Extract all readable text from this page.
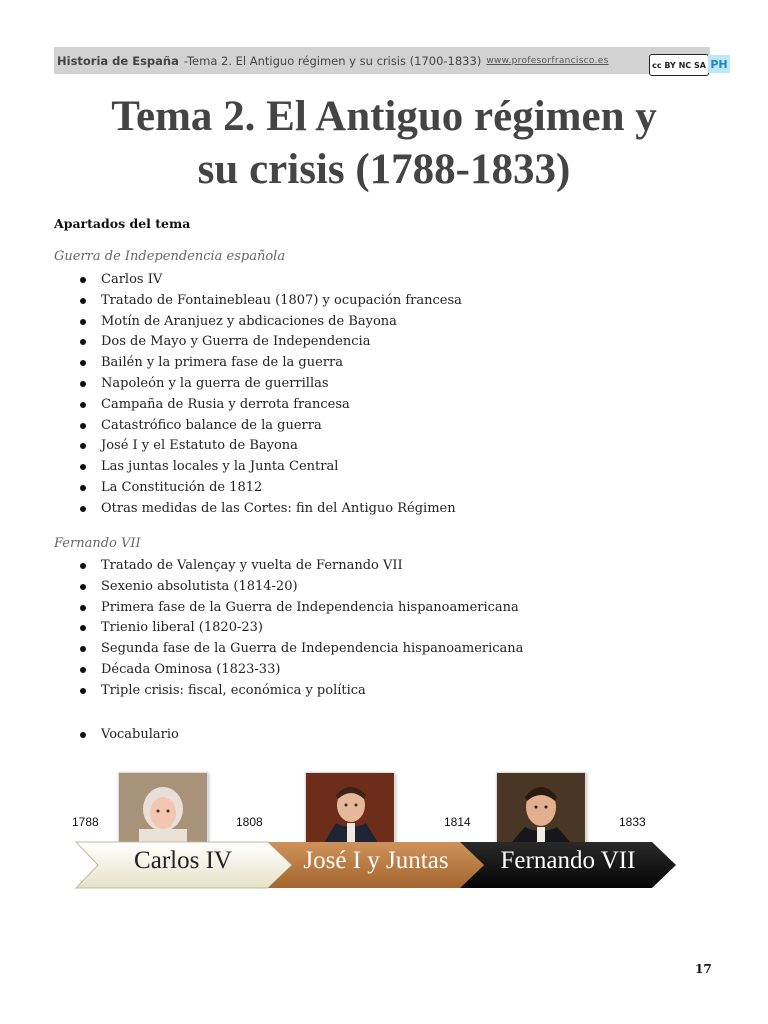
Historia de España -Tema 2. El Antiguo régimen y su crisis (1700-1833) www.profesorfrancisco.es	cc BY NC SA PH
Tema 2. El Antiguo régimen y
su crisis (1788-1833)
Apartados del tema
Guerra de Independencia española
Carlos IV
Tratado de Fontainebleau (1807) y ocupación francesa
Motín de Aranjuez y abdicaciones de Bayona
Dos de Mayo y Guerra de Independencia
Bailén y la primera fase de la guerra
Napoleón y la guerra de guerrillas
Campaña de Rusia y derrota francesa
Catastrófico balance de la guerra
José I y el Estatuto de Bayona
Las juntas locales y la Junta Central
La Constitución de 1812
Otras medidas de las Cortes: fin del Antiguo Régimen
Fernando VII
Tratado de Valençay y vuelta de Fernando VII
Sexenio absolutista (1814-20)
Primera fase de la Guerra de Independencia hispanoamericana
Trienio liberal (1820-23)
Segunda fase de la Guerra de Independencia hispanoamericana
Década Ominosa (1823-33)
Triple crisis: fiscal, económica y política
Vocabulario
1788	1808	1814	1833
Carlos IV	José I y Juntas	Fernando VII
17
